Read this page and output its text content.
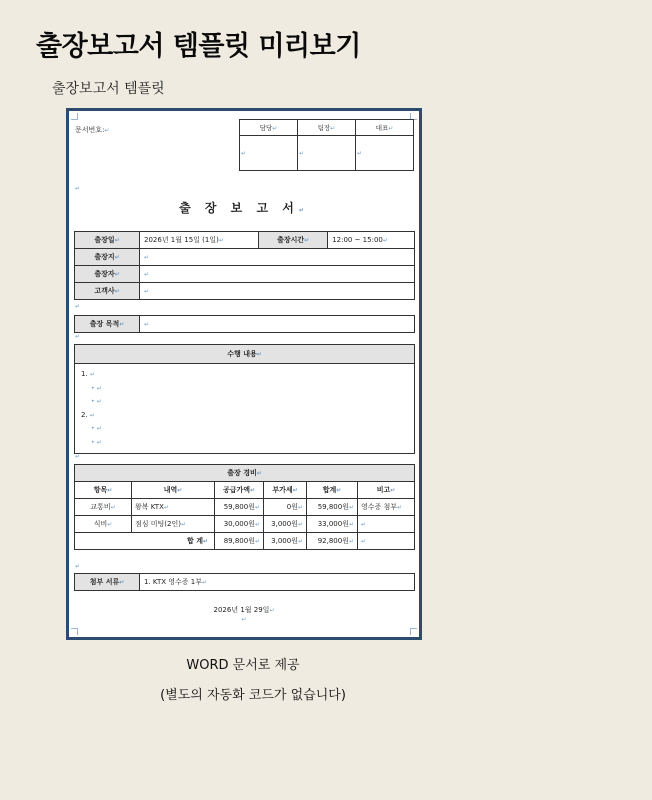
출장보고서 템플릿 미리보기
출장보고서 템플릿
문서번호:↵	담당↵	팀장↵	대표↵
↵	↵	↵
↵
출 장 보 고 서↵
출장일↵	2026년 1월 15일 (1일)↵	출장시간↵	12:00 ~ 15:00↵
출장지↵	↵		
출장자↵	↵		
고객사↵	↵		
↵
출장 목적↵	↵
↵
수행 내용↵

1. ↵
• ↵
• ↵
2. ↵
• ↵
• ↵
↵
출장 경비↵					
항목↵	내역↵	공급가액↵	부가세↵	합계↵	비고↵
교통비↵	왕복 KTX↵	59,800원↵	0원↵	59,800원↵	영수증 첨부↵
식비↵	점심 미팅(2인)↵	30,000원↵	3,000원↵	33,000원↵	↵
합 계↵		89,800원↵	3,000원↵	92,800원↵	↵
↵
첨부 서류↵	1. KTX 영수증 1부↵
2026년 1월 29일↵
↵
WORD 문서로 제공
(별도의 자동화 코드가 없습니다)
